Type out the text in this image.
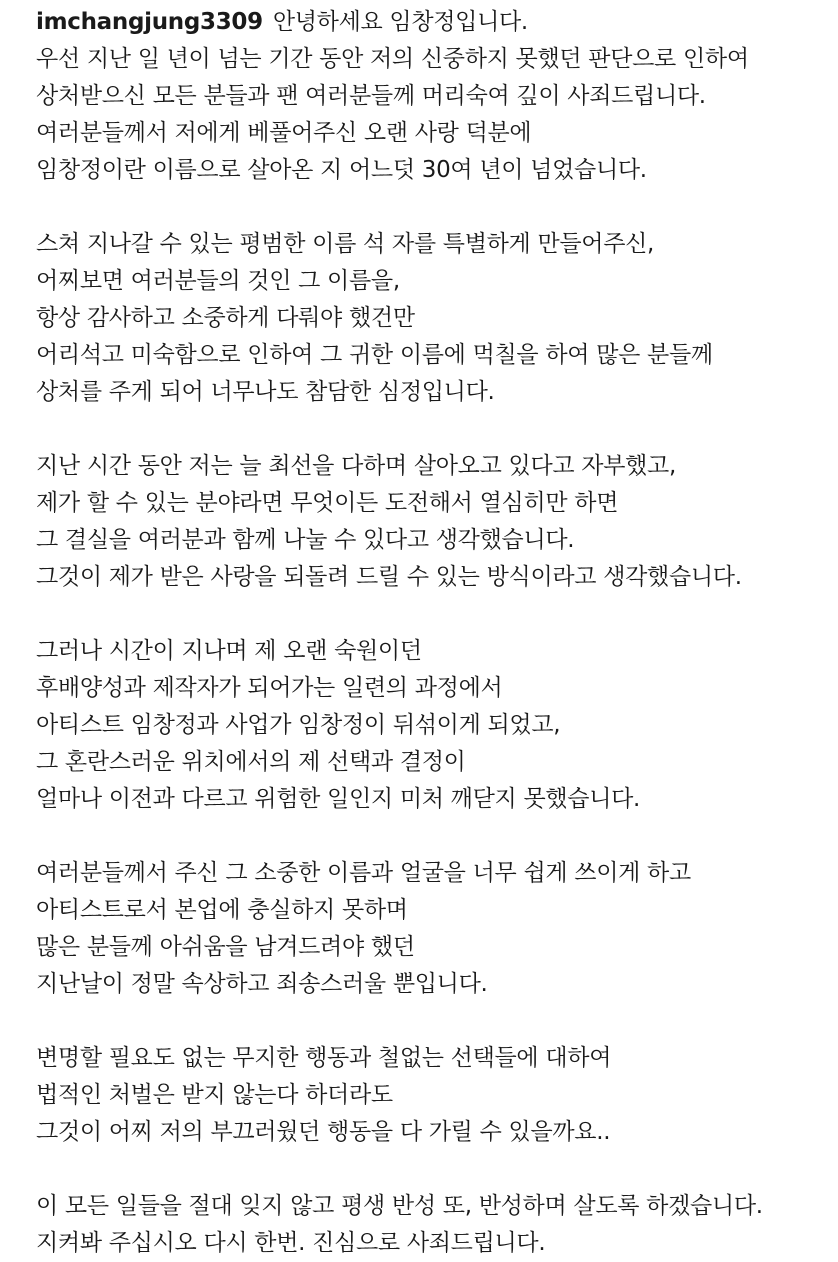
imchangjung3309 안녕하세요 임창정입니다.
우선 지난 일 년이 넘는 기간 동안 저의 신중하지 못했던 판단으로 인하여
상처받으신 모든 분들과 팬 여러분들께 머리숙여 깊이 사죄드립니다.
여러분들께서 저에게 베풀어주신 오랜 사랑 덕분에
임창정이란 이름으로 살아온 지 어느덧 30여 년이 넘었습니다.
스쳐 지나갈 수 있는 평범한 이름 석 자를 특별하게 만들어주신,
어찌보면 여러분들의 것인 그 이름을,
항상 감사하고 소중하게 다뤄야 했건만
어리석고 미숙함으로 인하여 그 귀한 이름에 먹칠을 하여 많은 분들께
상처를 주게 되어 너무나도 참담한 심정입니다.
지난 시간 동안 저는 늘 최선을 다하며 살아오고 있다고 자부했고,
제가 할 수 있는 분야라면 무엇이든 도전해서 열심히만 하면
그 결실을 여러분과 함께 나눌 수 있다고 생각했습니다.
그것이 제가 받은 사랑을 되돌려 드릴 수 있는 방식이라고 생각했습니다.
그러나 시간이 지나며 제 오랜 숙원이던
후배양성과 제작자가 되어가는 일련의 과정에서
아티스트 임창정과 사업가 임창정이 뒤섞이게 되었고,
그 혼란스러운 위치에서의 제 선택과 결정이
얼마나 이전과 다르고 위험한 일인지 미처 깨닫지 못했습니다.
여러분들께서 주신 그 소중한 이름과 얼굴을 너무 쉽게 쓰이게 하고
아티스트로서 본업에 충실하지 못하며
많은 분들께 아쉬움을 남겨드려야 했던
지난날이 정말 속상하고 죄송스러울 뿐입니다.
변명할 필요도 없는 무지한 행동과 철없는 선택들에 대하여
법적인 처벌은 받지 않는다 하더라도
그것이 어찌 저의 부끄러웠던 행동을 다 가릴 수 있을까요..
이 모든 일들을 절대 잊지 않고 평생 반성 또, 반성하며 살도록 하겠습니다.
지켜봐 주십시오 다시 한번. 진심으로 사죄드립니다.
